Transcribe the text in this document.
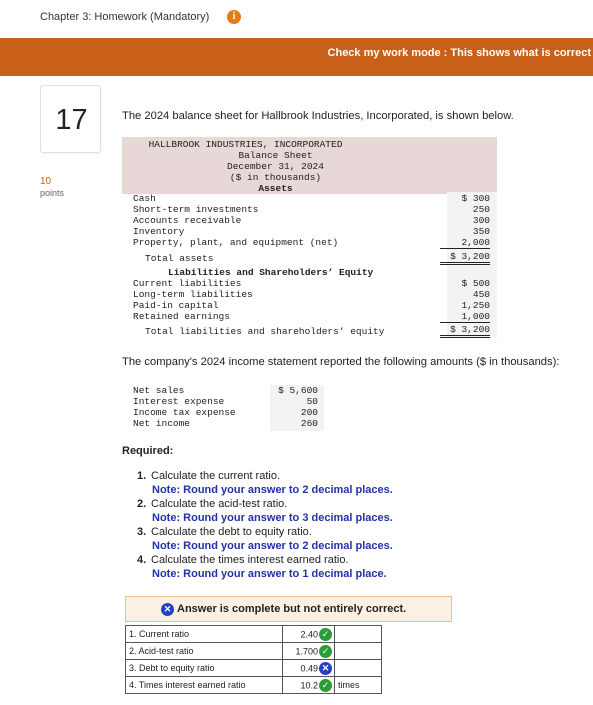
Chapter 3: Homework (Mandatory)	i
Check my work mode : This shows what is correct
17
10
points
The 2024 balance sheet for Hallbrook Industries, Incorporated, is shown below.
HALLBROOK INDUSTRIES, INCORPORATED
Balance Sheet
December 31, 2024
($ in thousands)
Assets
Cash	$ 300
Short-term investments	250
Accounts receivable	300
Inventory	350
Property, plant, and equipment (net)	2,000
Total assets	$ 3,200
Liabilities and Shareholders’ Equity
Current liabilities	$ 500
Long-term liabilities	450
Paid-in capital	1,250
Retained earnings	1,000
Total liabilities and shareholders’ equity	$ 3,200
The company's 2024 income statement reported the following amounts ($ in thousands):
Net sales	$ 5,600
Interest expense	50
Income tax expense	200
Net income	260
Required:
1. Calculate the current ratio.
Note: Round your answer to 2 decimal places.
2. Calculate the acid-test ratio.
Note: Round your answer to 3 decimal places.
3. Calculate the debt to equity ratio.
Note: Round your answer to 2 decimal places.
4. Calculate the times interest earned ratio.
Note: Round your answer to 1 decimal place.
✕ Answer is complete but not entirely correct.
1. Current ratio	2.40 ✓	
2. Acid-test ratio	1.700 ✓	
3. Debt to equity ratio	0.49 ✕	
4. Times interest earned ratio	10.2 ✓	times
